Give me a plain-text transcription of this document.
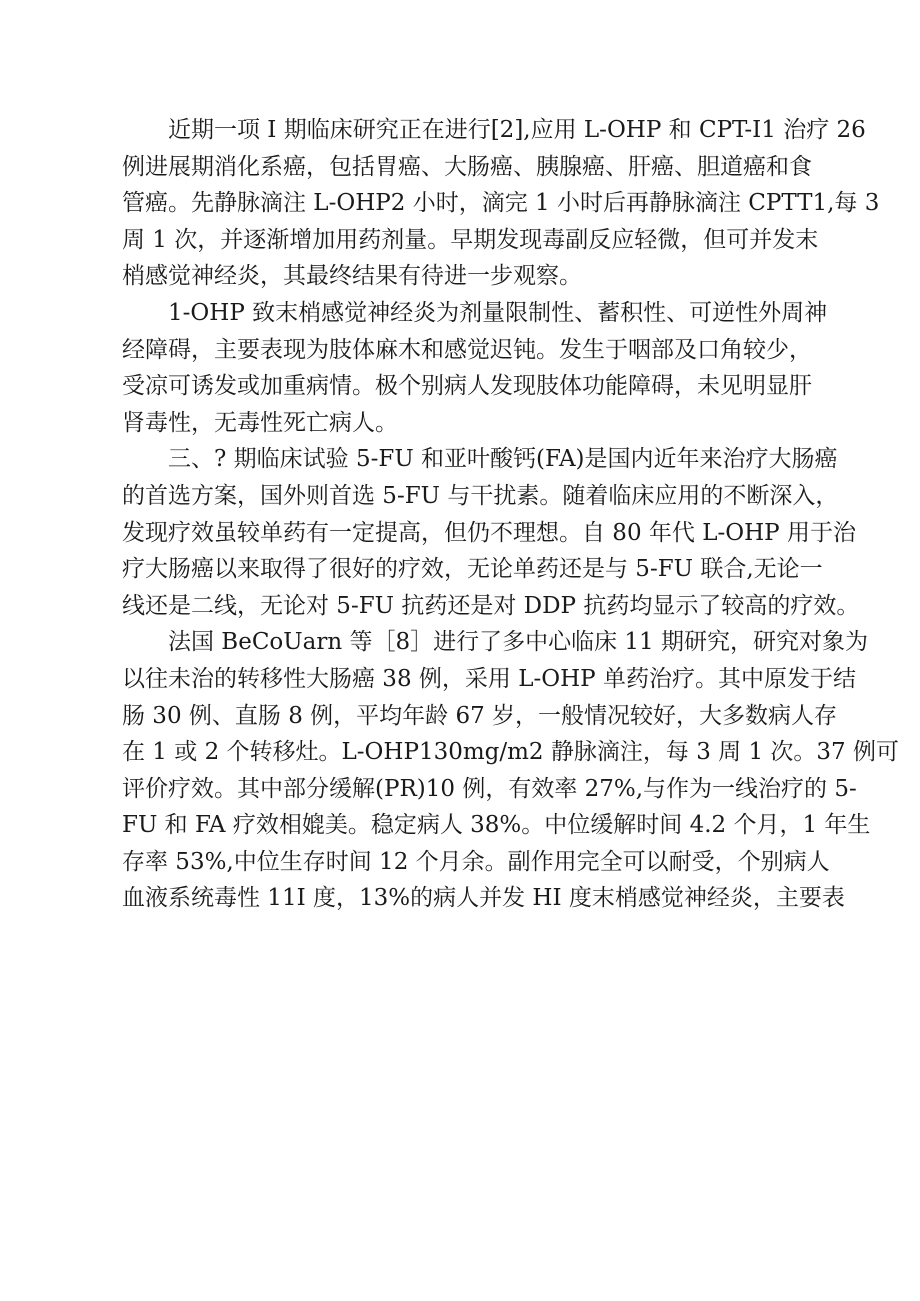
近期一项 I 期临床研究正在进行[2],应用 L-OHP 和 CPT-I1 治疗 26
例进展期消化系癌，包括胃癌、大肠癌、胰腺癌、肝癌、胆道癌和食
管癌。先静脉滴注 L-OHP2 小时，滴完 1 小时后再静脉滴注 CPTT1,每 3
周 1 次，并逐渐增加用药剂量。早期发现毒副反应轻微，但可并发末
梢感觉神经炎，其最终结果有待进一步观察。
1-OHP 致末梢感觉神经炎为剂量限制性、蓄积性、可逆性外周神
经障碍，主要表现为肢体麻木和感觉迟钝。发生于咽部及口角较少，
受凉可诱发或加重病情。极个别病人发现肢体功能障碍，未见明显肝
肾毒性，无毒性死亡病人。
三、? 期临床试验 5-FU 和亚叶酸钙(FA)是国内近年来治疗大肠癌
的首选方案，国外则首选 5-FU 与干扰素。随着临床应用的不断深入，
发现疗效虽较单药有一定提高，但仍不理想。自 80 年代 L-OHP 用于治
疗大肠癌以来取得了很好的疗效，无论单药还是与 5-FU 联合,无论一
线还是二线，无论对 5-FU 抗药还是对 DDP 抗药均显示了较高的疗效。
法国 BeCoUarn 等［8］进行了多中心临床 11 期研究，研究对象为
以往未治的转移性大肠癌 38 例，采用 L-OHP 单药治疗。其中原发于结
肠 30 例、直肠 8 例，平均年龄 67 岁，一般情况较好，大多数病人存
在 1 或 2 个转移灶。L-OHP130mg/m2 静脉滴注，每 3 周 1 次。37 例可
评价疗效。其中部分缓解(PR)10 例，有效率 27%,与作为一线治疗的 5-
FU 和 FA 疗效相媲美。稳定病人 38%。中位缓解时间 4.2 个月，1 年生
存率 53%,中位生存时间 12 个月余。副作用完全可以耐受，个别病人
血液系统毒性 11I 度，13%的病人并发 HI 度末梢感觉神经炎，主要表
